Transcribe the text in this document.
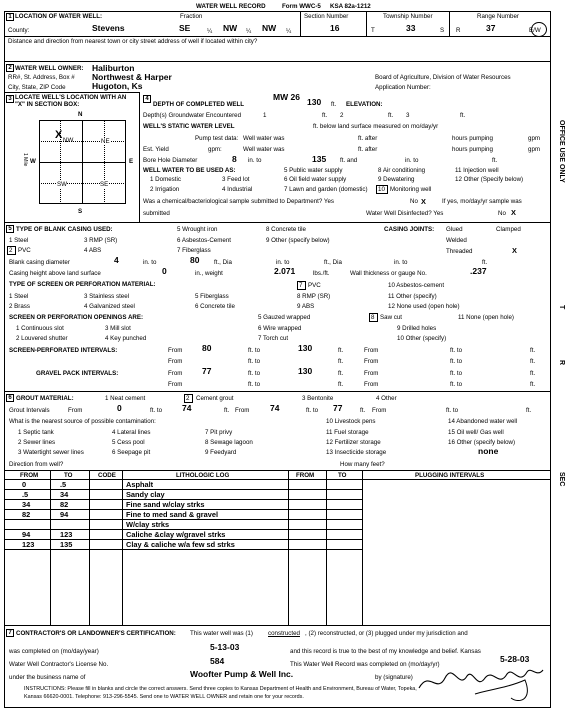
WATER WELL RECORD	Form WWC-5 KSA 82a-1212
1 LOCATION OF WATER WELL:
County:	Stevens
Fraction
SE	¼ NW ¼ NW ¼
Section Number
16
Township Number
T	33	S
Range Number
R	37	E/W
Distance and direction from nearest town or city street address of well if located within city?
2 WATER WELL OWNER: Haliburton
RR#, St. Address, Box # Northwest & Harper
City, State, ZIP Code	Hugoton, Ks
Board of Agriculture, Division of Water Resources
Application Number:
MW 26
3 LOCATE WELL'S LOCATION WITH AN "X" IN SECTION BOX:
N
S
E
W
1 Mile
X NW	NE
SW	SE
4
DEPTH OF COMPLETED WELL	130 ft. ELEVATION:
Depth(s) Groundwater Encountered	1	ft. 2	ft. 3	ft.
WELL'S STATIC WATER LEVEL	ft. below land surface measured on mo/day/yr
Pump test data: Well water was	ft. after	hours pumping	gpm
Est. Yield	gpm:	Well water was	ft. after	hours pumping	gpm
Bore Hole Diameter	8 in. to	135 ft. and	in. to	ft.
WELL WATER TO BE USED AS:
1 Domestic
2 Irrigation
3 Feed lot
4 Industrial
5 Public water supply
6 Oil field water supply
7 Lawn and garden (domestic)
8 Air conditioning
9 Dewatering
10 Monitoring well
11 Injection well
12 Other (Specify below)
Was a chemical/bacteriological sample submitted to Department? Yes	No X	If yes, mo/day/yr sample was
submitted	Water Well Disinfected? Yes	No X
5 TYPE OF BLANK CASING USED:
1 Steel
2 PVC
3 RMP (SR)
4 ABS
5 Wrought iron
6 Asbestos-Cement
7 Fiberglass
8 Concrete tile
9 Other (specify below)
CASING JOINTS: Glued	Clamped
Welded
Threaded	X
Blank casing diameter	4	in. to	80 ft., Dia	in. to	ft., Dia	in. to	ft.
Casing height above land surface	0	in., weight	2.071	lbs./ft.	Wall thickness or gauge No.	.237
TYPE OF SCREEN OR PERFORATION MATERIAL:
1 Steel
2 Brass
3 Stainless steel
4 Galvanized steel
5 Fiberglass
6 Concrete tile
7 PVC
8 RMP (SR)
9 ABS
10 Asbestos-cement
11 Other (specify)
12 None used (open hole)
SCREEN OR PERFORATION OPENINGS ARE:
1 Continuous slot
2 Louvered shutter
3 Mill slot
4 Key punched
5 Gauzed wrapped
6 Wire wrapped
7 Torch cut
8 Saw cut
9 Drilled holes
10 Other (specify)
11 None (open hole)
SCREEN-PERFORATED INTERVALS:	From 80	ft. to	130	ft.	From	ft. to	ft.
From	ft. to	ft.	From	ft. to	ft.
GRAVEL PACK INTERVALS:	From 77	ft. to	130	ft.	From	ft. to	ft.
From	ft. to	ft.	From	ft. to	ft.
6 GROUT MATERIAL:	1 Neat cement	2 Cement grout	3 Bentonite	4 Other
Grout Intervals	From	0	ft. to 74	ft. From 74	ft. to 77	ft. From	ft. to	ft.
What is the nearest source of possible contamination:
1 Septic tank
2 Sewer lines
3 Watertight sewer lines
4 Lateral lines
5 Cess pool
6 Seepage pit
7 Pit privy
8 Sewage lagoon
9 Feedyard
10 Livestock pens
11 Fuel storage
12 Fertilizer storage
13 Insecticide storage
14 Abandoned water well
15 Oil well/ Gas well
16 Other (specify below)
none
Direction from well?	How many feet?
FROM	TO	CODE	LITHOLOGIC LOG	FROM	TO	PLUGGING INTERVALS
0	.5	Asphalt
.5	34	Sandy clay
34	82	Fine sand w/clay strks
82	94	Fine to med sand & gravel
W/clay strks
94	123	Caliche &clay w/gravel strks
123	135	Clay & caliche w/a few sd strks
7 CONTRACTOR'S OR LANDOWNER'S CERTIFICATION: This water well was (1) constructed , (2) reconstructed, or (3) plugged under my jurisdiction and
was completed on (mo/day/year)	5-13-03	and this record is true to the best of my knowledge and belief. Kansas
Water Well Contractor's License No.	584	This Water Well Record was completed on (mo/day/yr)
5-28-03
under the business name of	Woofter Pump & Well Inc.	by (signature)
INSTRUCTIONS: Please fill in blanks and circle the correct answers. Send three copies to Kansas Department of Health and Environment, Bureau of Water, Topeka,
Kansas 66620-0001. Telephone: 913-296-5545. Send one to WATER WELL OWNER and retain one for your records.
OFFICE USE ONLY
T
R
SEC
